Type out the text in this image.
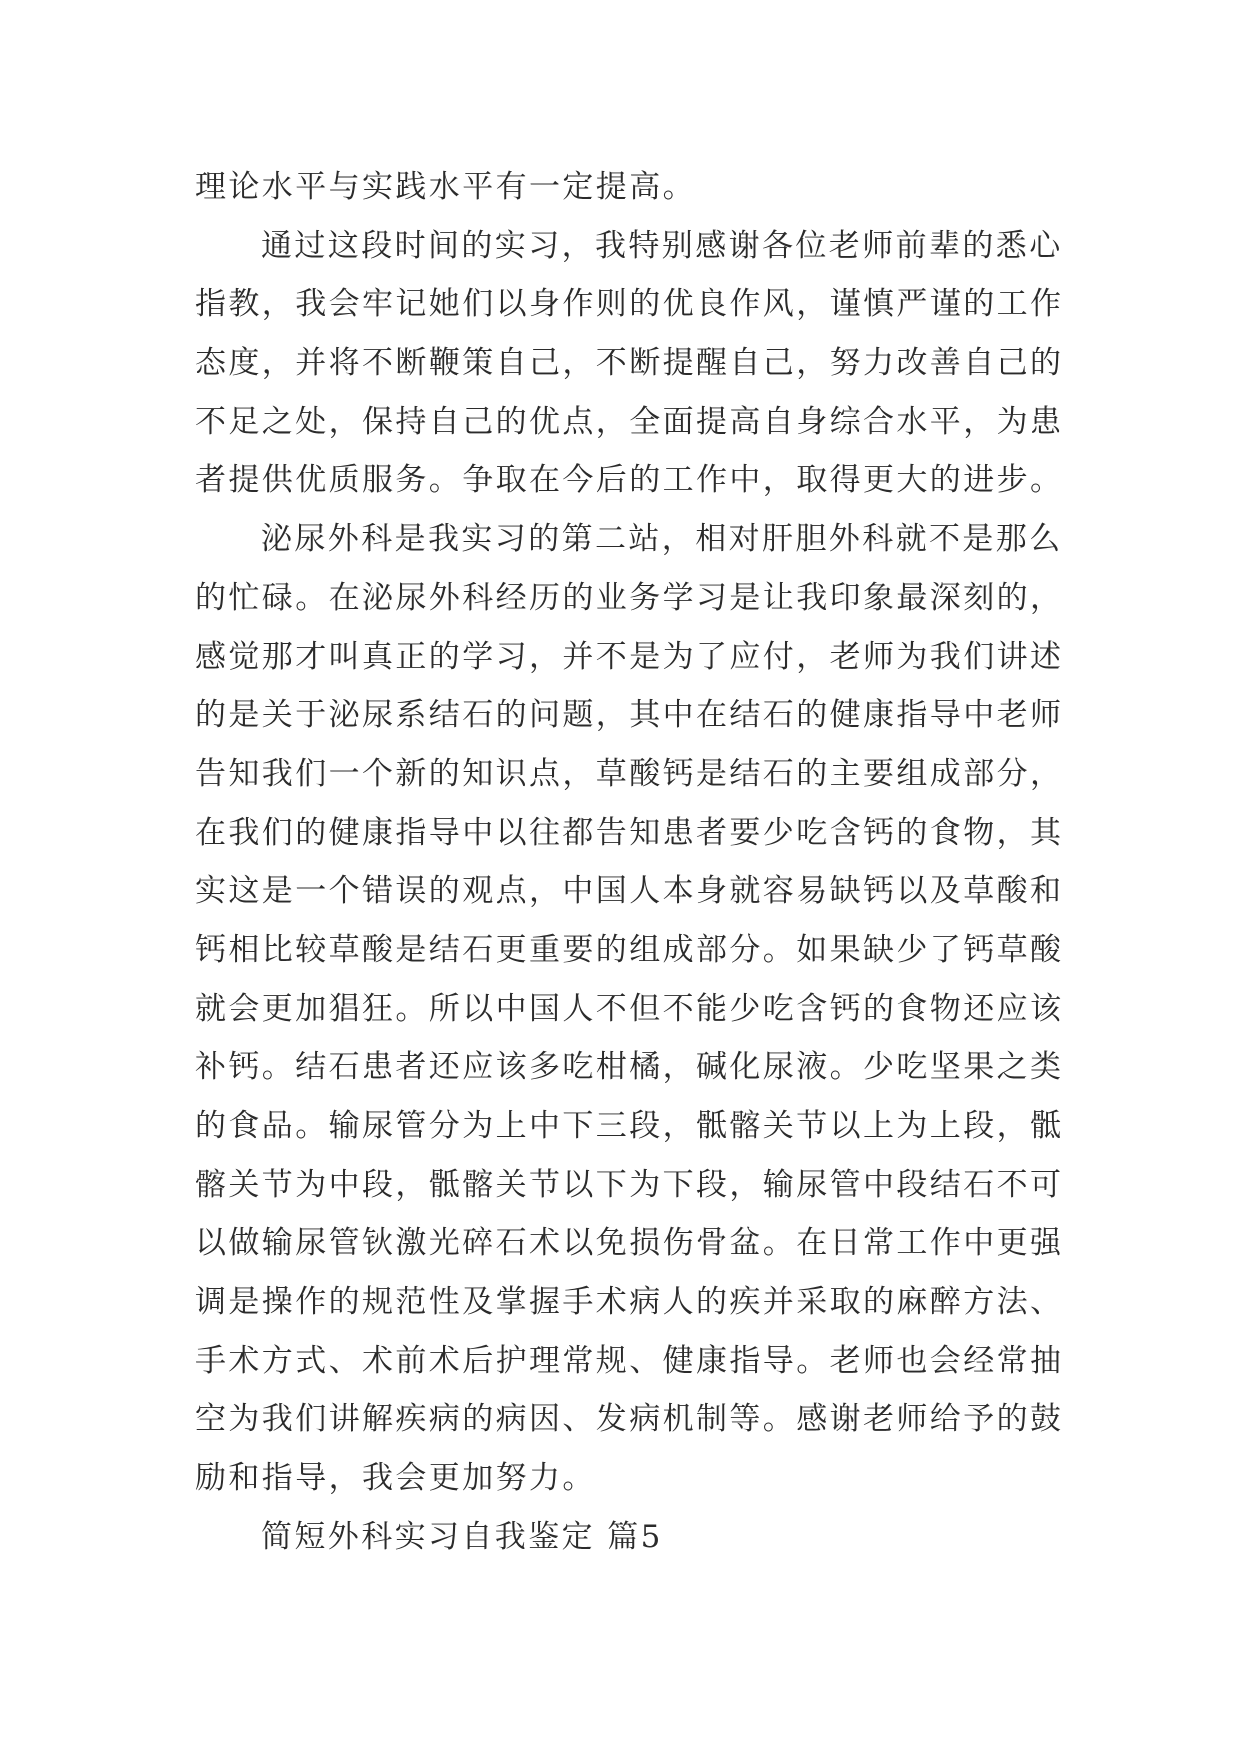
理论水平与实践水平有一定提高。
通过这段时间的实习，我特别感谢各位老师前辈的悉心
指教，我会牢记她们以身作则的优良作风，谨慎严谨的工作
态度，并将不断鞭策自己，不断提醒自己，努力改善自己的
不足之处，保持自己的优点，全面提高自身综合水平，为患
者提供优质服务。争取在今后的工作中，取得更大的进步。
泌尿外科是我实习的第二站，相对肝胆外科就不是那么
的忙碌。在泌尿外科经历的业务学习是让我印象最深刻的，
感觉那才叫真正的学习，并不是为了应付，老师为我们讲述
的是关于泌尿系结石的问题，其中在结石的健康指导中老师
告知我们一个新的知识点，草酸钙是结石的主要组成部分，
在我们的健康指导中以往都告知患者要少吃含钙的食物，其
实这是一个错误的观点，中国人本身就容易缺钙以及草酸和
钙相比较草酸是结石更重要的组成部分。如果缺少了钙草酸
就会更加猖狂。所以中国人不但不能少吃含钙的食物还应该
补钙。结石患者还应该多吃柑橘，碱化尿液。少吃坚果之类
的食品。输尿管分为上中下三段，骶髂关节以上为上段，骶
髂关节为中段，骶髂关节以下为下段，输尿管中段结石不可
以做输尿管钬激光碎石术以免损伤骨盆。在日常工作中更强
调是操作的规范性及掌握手术病人的疾并采取的麻醉方法、
手术方式、术前术后护理常规、健康指导。老师也会经常抽
空为我们讲解疾病的病因、发病机制等。感谢老师给予的鼓
励和指导，我会更加努力。
简短外科实习自我鉴定 篇5
